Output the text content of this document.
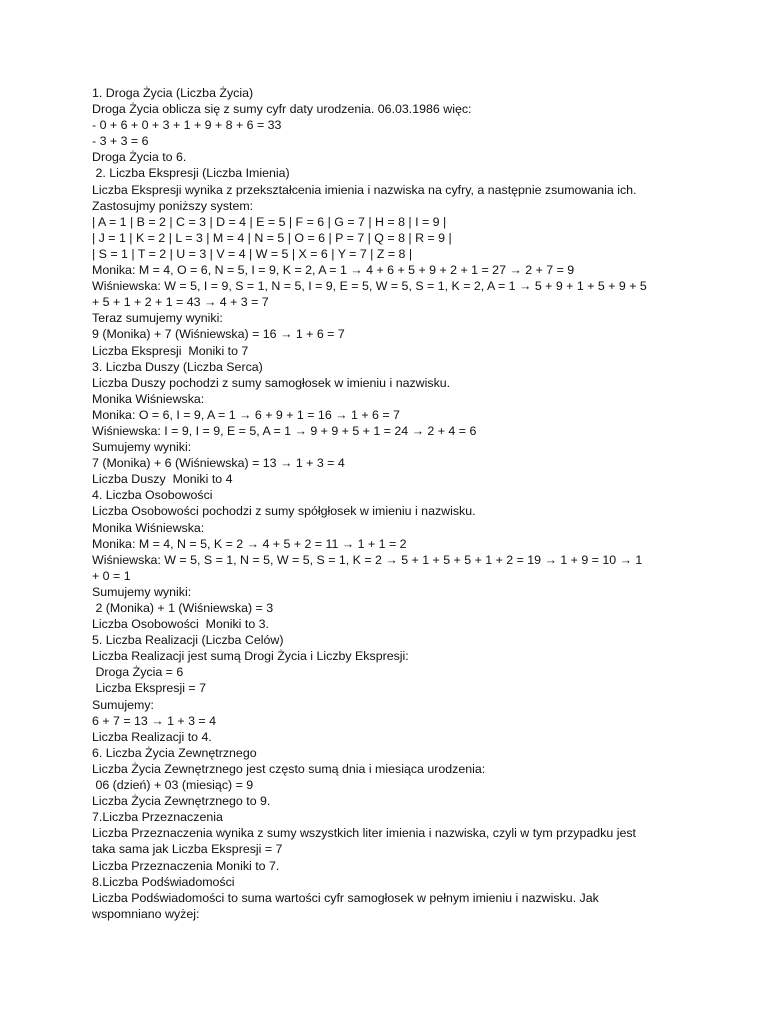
1. Droga Życia (Liczba Życia)
Droga Życia oblicza się z sumy cyfr daty urodzenia. 06.03.1986 więc:
- 0 + 6 + 0 + 3 + 1 + 9 + 8 + 6 = 33
- 3 + 3 = 6
Droga Życia to 6.
2. Liczba Ekspresji (Liczba Imienia)
Liczba Ekspresji wynika z przekształcenia imienia i nazwiska na cyfry, a następnie zsumowania ich.
Zastosujmy poniższy system:
| A = 1 | B = 2 | C = 3 | D = 4 | E = 5 | F = 6 | G = 7 | H = 8 | I = 9 |
| J = 1 | K = 2 | L = 3 | M = 4 | N = 5 | O = 6 | P = 7 | Q = 8 | R = 9 |
| S = 1 | T = 2 | U = 3 | V = 4 | W = 5 | X = 6 | Y = 7 | Z = 8 |
Monika: M = 4, O = 6, N = 5, I = 9, K = 2, A = 1 → 4 + 6 + 5 + 9 + 2 + 1 = 27 → 2 + 7 = 9
Wiśniewska: W = 5, I = 9, S = 1, N = 5, I = 9, E = 5, W = 5, S = 1, K = 2, A = 1 → 5 + 9 + 1 + 5 + 9 + 5
+ 5 + 1 + 2 + 1 = 43 → 4 + 3 = 7
Teraz sumujemy wyniki:
9 (Monika) + 7 (Wiśniewska) = 16 → 1 + 6 = 7
Liczba Ekspresji  Moniki to 7
3. Liczba Duszy (Liczba Serca)
Liczba Duszy pochodzi z sumy samogłosek w imieniu i nazwisku.
Monika Wiśniewska:
Monika: O = 6, I = 9, A = 1 → 6 + 9 + 1 = 16 → 1 + 6 = 7
Wiśniewska: I = 9, I = 9, E = 5, A = 1 → 9 + 9 + 5 + 1 = 24 → 2 + 4 = 6
Sumujemy wyniki:
7 (Monika) + 6 (Wiśniewska) = 13 → 1 + 3 = 4
Liczba Duszy  Moniki to 4
4. Liczba Osobowości
Liczba Osobowości pochodzi z sumy spółgłosek w imieniu i nazwisku.
Monika Wiśniewska:
Monika: M = 4, N = 5, K = 2 → 4 + 5 + 2 = 11 → 1 + 1 = 2
Wiśniewska: W = 5, S = 1, N = 5, W = 5, S = 1, K = 2 → 5 + 1 + 5 + 5 + 1 + 2 = 19 → 1 + 9 = 10 → 1
+ 0 = 1
Sumujemy wyniki:
2 (Monika) + 1 (Wiśniewska) = 3
Liczba Osobowości  Moniki to 3.
5. Liczba Realizacji (Liczba Celów)
Liczba Realizacji jest sumą Drogi Życia i Liczby Ekspresji:
Droga Życia = 6
Liczba Ekspresji = 7
Sumujemy:
6 + 7 = 13 → 1 + 3 = 4
Liczba Realizacji to 4.
6. Liczba Życia Zewnętrznego
Liczba Życia Zewnętrznego jest często sumą dnia i miesiąca urodzenia:
06 (dzień) + 03 (miesiąc) = 9
Liczba Życia Zewnętrznego to 9.
7.Liczba Przeznaczenia
Liczba Przeznaczenia wynika z sumy wszystkich liter imienia i nazwiska, czyli w tym przypadku jest
taka sama jak Liczba Ekspresji = 7
Liczba Przeznaczenia Moniki to 7.
8.Liczba Podświadomości
Liczba Podświadomości to suma wartości cyfr samogłosek w pełnym imieniu i nazwisku. Jak
wspomniano wyżej:
